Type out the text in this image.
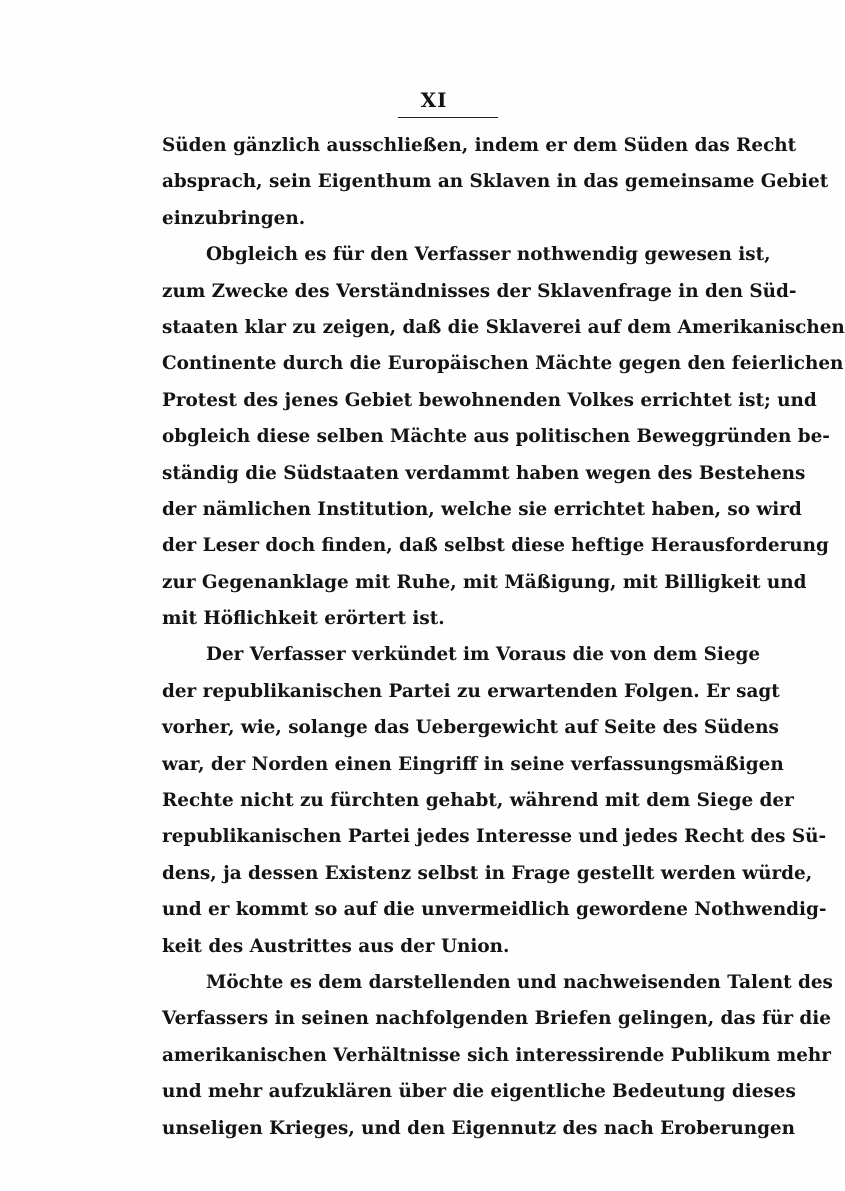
XI
Süden gänzlich ausschließen, indem er dem Süden das Recht
absprach, sein Eigenthum an Sklaven in das gemeinsame Gebiet
einzubringen.
Obgleich es für den Verfasser nothwendig gewesen ist,
zum Zwecke des Verständnisses der Sklavenfrage in den Süd-
staaten klar zu zeigen, daß die Sklaverei auf dem Amerikanischen
Continente durch die Europäischen Mächte gegen den feierlichen
Protest des jenes Gebiet bewohnenden Volkes errichtet ist; und
obgleich diese selben Mächte aus politischen Beweggründen be-
ständig die Südstaaten verdammt haben wegen des Bestehens
der nämlichen Institution, welche sie errichtet haben, so wird
der Leser doch finden, daß selbst diese heftige Herausforderung
zur Gegenanklage mit Ruhe, mit Mäßigung, mit Billigkeit und
mit Höflichkeit erörtert ist.
Der Verfasser verkündet im Voraus die von dem Siege
der republikanischen Partei zu erwartenden Folgen. Er sagt
vorher, wie, solange das Uebergewicht auf Seite des Südens
war, der Norden einen Eingriff in seine verfassungsmäßigen
Rechte nicht zu fürchten gehabt, während mit dem Siege der
republikanischen Partei jedes Interesse und jedes Recht des Sü-
dens, ja dessen Existenz selbst in Frage gestellt werden würde,
und er kommt so auf die unvermeidlich gewordene Nothwendig-
keit des Austrittes aus der Union.
Möchte es dem darstellenden und nachweisenden Talent des
Verfassers in seinen nachfolgenden Briefen gelingen, das für die
amerikanischen Verhältnisse sich interessirende Publikum mehr
und mehr aufzuklären über die eigentliche Bedeutung dieses
unseligen Krieges, und den Eigennutz des nach Eroberungen
